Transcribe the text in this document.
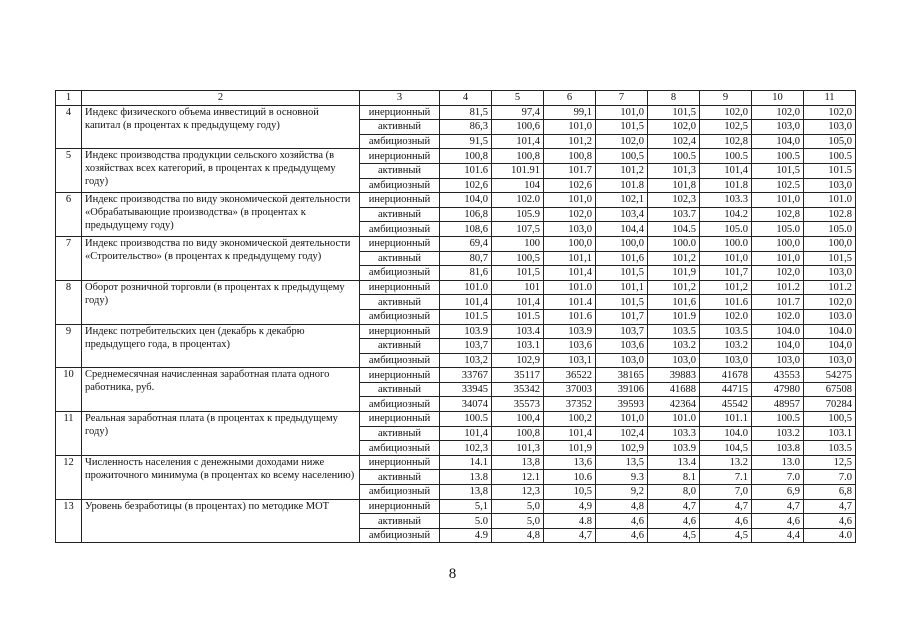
1	2	3	4	5	6	7	8	9	10	11
4	Индекс физического объема инвестиций в основной капитал (в процентах к предыдущему году)	инерционный	81,5	97,4	99,1	101,0	101,5	102,0	102,0	102,0
		активный	86,3	100,6	101,0	101,5	102,0	102,5	103,0	103,0
		амбициозный	91,5	101,4	101,2	102,0	102,4	102,8	104,0	105,0
5	Индекс производства продукции сельского хозяйства (в хозяйствах всех категорий, в процентах к предыдущему году)	инерционный	100,8	100,8	100,8	100,5	100.5	100.5	100.5	100.5
		активный	101.6	101.91	101.7	101,2	101,3	101,4	101,5	101.5
		амбициозный	102,6	104	102,6	101.8	101,8	101.8	102.5	103,0
6	Индекс производства по виду экономической деятельности «Обрабатывающие производства» (в процентах к предыдущему году)	инерционный	104,0	102.0	101,0	102,1	102,3	103.3	101,0	101.0
		активный	106,8	105.9	102,0	103,4	103.7	104.2	102,8	102.8
		амбициозный	108,6	107,5	103,0	104,4	104.5	105.0	105.0	105.0
7	Индекс производства по виду экономической деятельности «Строительство» (в процентах к предыдущему году)	инерционный	69,4	100	100,0	100,0	100.0	100.0	100,0	100,0
		активный	80,7	100,5	101,1	101,6	101,2	101,0	101,0	101,5
		амбициозный	81,6	101,5	101,4	101,5	101,9	101,7	102,0	103,0
8	Оборот розничной торговли (в процентах к предыдущему году)	инерционный	101.0	101	101.0	101,1	101,2	101,2	101.2	101.2
		активный	101,4	101,4	101.4	101,5	101,6	101.6	101.7	102,0
		амбициозный	101.5	101.5	101.6	101,7	101.9	102.0	102.0	103.0
9	Индекс потребительских цен (декабрь к декабрю предыдущего года, в процентах)	инерционный	103.9	103.4	103.9	103,7	103.5	103.5	104.0	104.0
		активный	103,7	103.1	103,6	103,6	103.2	103.2	104,0	104,0
		амбициозный	103,2	102,9	103,1	103,0	103,0	103,0	103,0	103,0
10	Среднемесячная начисленная заработная плата одного работника, руб.	инерционный	33767	35117	36522	38165	39883	41678	43553	54275
		активный	33945	35342	37003	39106	41688	44715	47980	67508
		амбициозный	34074	35573	37352	39593	42364	45542	48957	70284
11	Реальная заработная плата (в процентах к предыдущему году)	инерционный	100.5	100,4	100,2	101,0	101.0	101.1	100.5	100,5
		активный	101,4	100,8	101,4	102,4	103.3	104.0	103.2	103.1
		амбициозный	102,3	101,3	101,9	102,9	103.9	104,5	103.8	103.5
12	Численность населения с денежными доходами ниже прожиточного минимума (в процентах ко всему населению)	инерционный	14.1	13,8	13,6	13,5	13.4	13.2	13.0	12,5
		активный	13.8	12.1	10.6	9.3	8.1	7.1	7.0	7.0
		амбициозный	13,8	12,3	10,5	9,2	8,0	7,0	6,9	6,8
13	Уровень безработицы (в процентах) по методике МОТ	инерционный	5,1	5,0	4,9	4,8	4,7	4,7	4,7	4,7
		активный	5.0	5,0	4.8	4,6	4,6	4,6	4,6	4,6
		амбициозный	4.9	4,8	4,7	4,6	4,5	4,5	4,4	4.0
8
